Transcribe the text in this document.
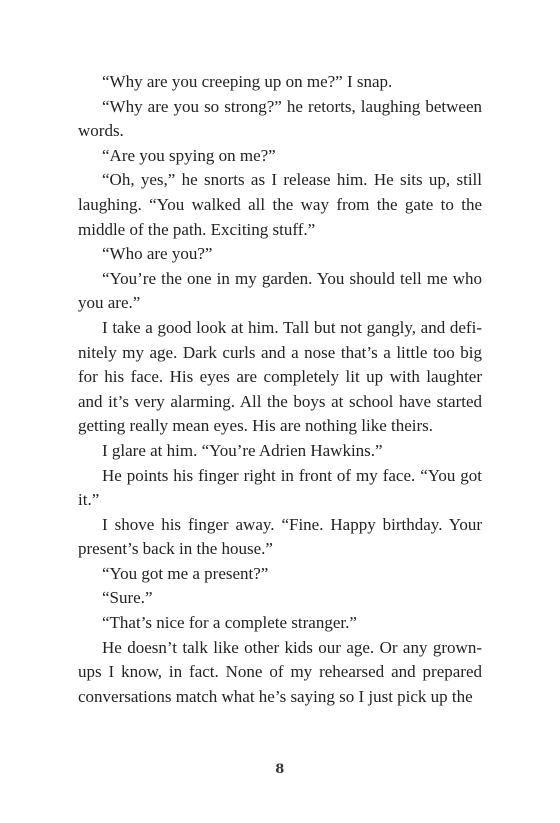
“Why are you creeping up on me?” I snap.

“Why are you so strong?” he retorts, laughing between words.

“Are you spying on me?”

“Oh, yes,” he snorts as I release him. He sits up, still laughing. “You walked all the way from the gate to the middle of the path. Exciting stuff.”

“Who are you?”

“You’re the one in my garden. You should tell me who you are.”

I take a good look at him. Tall but not gangly, and definitely my age. Dark curls and a nose that’s a little too big for his face. His eyes are completely lit up with laughter and it’s very alarming. All the boys at school have started getting really mean eyes. His are nothing like theirs.

I glare at him. “You’re Adrien Hawkins.”

He points his finger right in front of my face. “You got it.”

I shove his finger away. “Fine. Happy birthday. Your present’s back in the house.”

“You got me a present?”

“Sure.”

“That’s nice for a complete stranger.”

He doesn’t talk like other kids our age. Or any grownups I know, in fact. None of my rehearsed and prepared conversations match what he’s saying so I just pick up the

8
